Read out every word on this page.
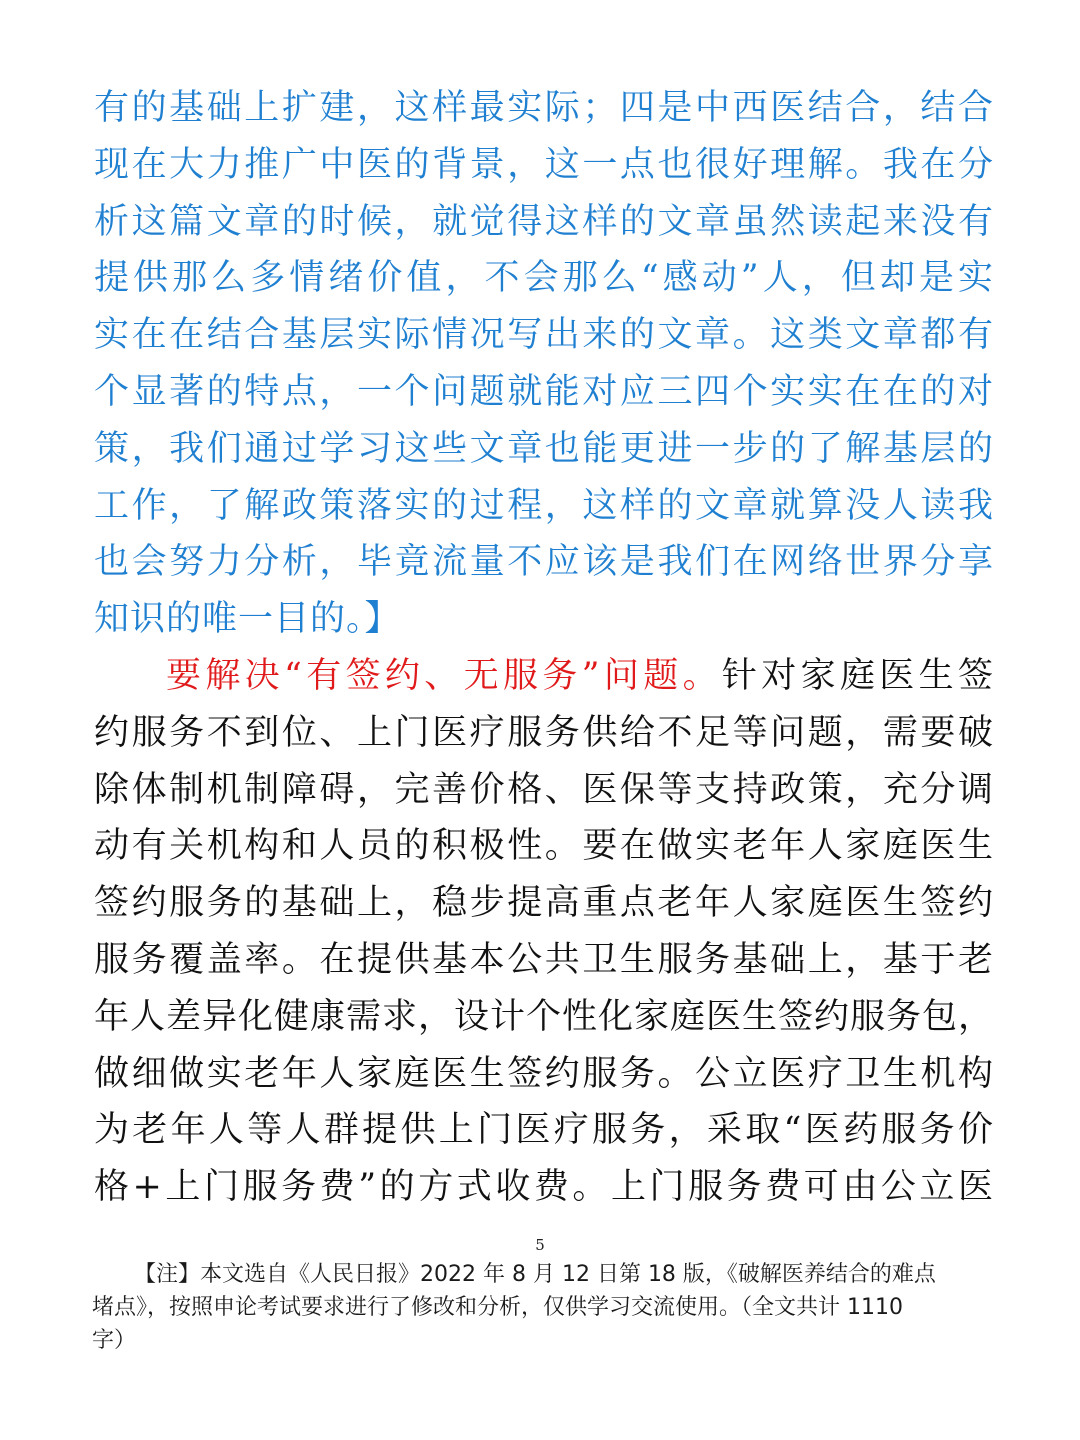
有的基础上扩建，这样最实际；四是中西医结合，结合
现在大力推广中医的背景，这一点也很好理解。我在分
析这篇文章的时候，就觉得这样的文章虽然读起来没有
提供那么多情绪价值，不会那么“感动”人，但却是实
实在在结合基层实际情况写出来的文章。这类文章都有
个显著的特点，一个问题就能对应三四个实实在在的对
策，我们通过学习这些文章也能更进一步的了解基层的
工作，了解政策落实的过程，这样的文章就算没人读我
也会努力分析，毕竟流量不应该是我们在网络世界分享
知识的唯一目的。】
要解决“有签约、无服务”问题。针对家庭医生签
约服务不到位、上门医疗服务供给不足等问题，需要破
除体制机制障碍，完善价格、医保等支持政策，充分调
动有关机构和人员的积极性。要在做实老年人家庭医生
签约服务的基础上，稳步提高重点老年人家庭医生签约
服务覆盖率。在提供基本公共卫生服务基础上，基于老
年人差异化健康需求，设计个性化家庭医生签约服务包，
做细做实老年人家庭医生签约服务。公立医疗卫生机构
为老年人等人群提供上门医疗服务，采取“医药服务价
格+上门服务费”的方式收费。上门服务费可由公立医
5
【注】本文选自《人民日报》2022 年 8 月 12 日第 18 版，《破解医养结合的难点
堵点》，按照申论考试要求进行了修改和分析，仅供学习交流使用。（全文共计 1110
字）
